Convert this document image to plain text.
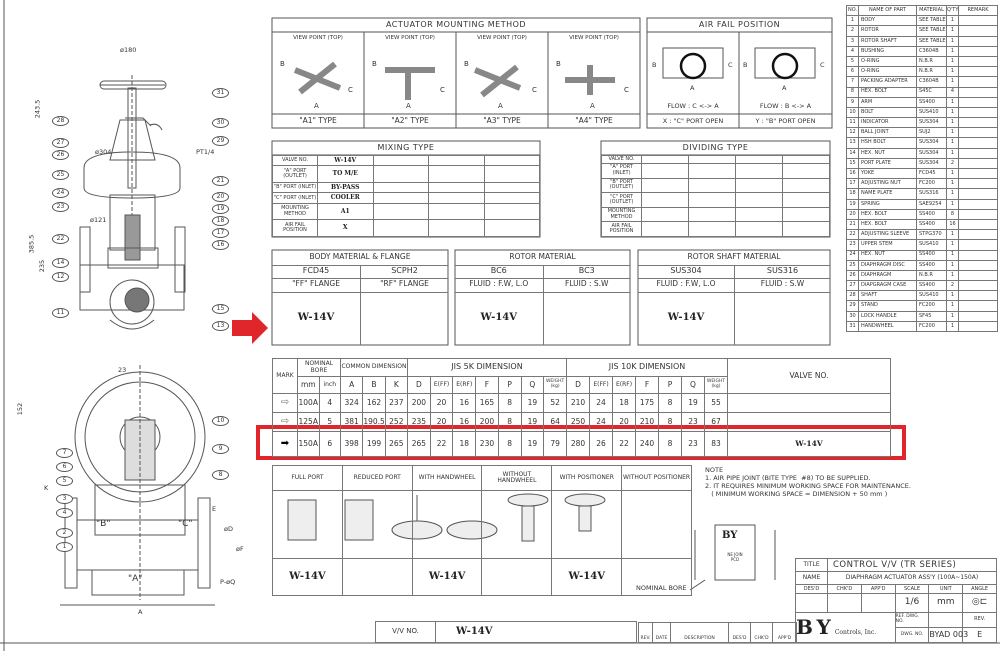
ø180
ø304
ø121
243.5
385.5
235
PT1/4
23
152
K
A
P-øQ
"B"	"C"
"A"
E
øD
øF
31
30
29
21
20
19
18
17
16
15
13
28
27
26
25
24
23
22
14
12
11
10
9
8
7
6
5
3
4
2
1
ACTUATOR MOUNTING METHOD
VIEW POINT (TOP)
"A1" TYPE
B
C
A
VIEW POINT (TOP)
"A2" TYPE
B
C
A
VIEW POINT (TOP)
"A3" TYPE
B
C
A
VIEW POINT (TOP)
"A4" TYPE
B
C
A
AIR FAIL POSITION
B	C
A
B	C
A
FLOW : C <-> A	FLOW : B <-> A
X : "C" PORT OPEN	Y : "B" PORT OPEN
NO.	NAME OF PART	MATERIAL	Q'TY	REMARK
1	BODY	SEE TABLE	1	
2	ROTOR	SEE TABLE	1	
3	ROTOR SHAFT	SEE TABLE	1	
4	BUSHING	C3604B	1	
5	O-RING	N.B.R	1	
6	O-RING	N.B.R	1	
7	PACKING ADAPTER	C3604B	1	
8	HEX. BOLT	S45C	4	
9	ARM	SS400	1	
10	BOLT	SUS410	1	
11	INDICATOR	SUS304	1	
12	BALL JOINT	SUJ2	1	
13	HSH BOLT	SUS304	1	
14	HEX. NUT	SUS304	1	
15	PORT PLATE	SUS304	2	
16	YOKE	FCD45	1	
17	ADJUSTING NUT	FC200	1	
18	NAME PLATE	SUS316	1	
19	SPRING	SAE9254	1	
20	HEX. BOLT	SS400	8	
21	HEX. BOLT	SS400	16	
22	ADJUSTING SLEEVE	STPG370	1	
23	UPPER STEM	SUS410	1	
24	HEX. NUT	SS400	1	
25	DIAPHRAGM DISC	SS400	1	
26	DIAPHRAGM	N.B.R	1	
27	DIAPGRAGM CASE	SS400	2	
28	SHAFT	SUS410	1	
29	STAND	FC200	1	
30	LOCK HANDLE	SF45	1	
31	HANDWHEEL	FC200	1	
MIXING TYPE
VALVE NO.	W-14V			
"A" PORT (OUTLET)	TO M/E			
"B" PORT (INLET)	BY-PASS			
"C" PORT (INLET)	COOLER			
MOUNTING METHOD	A1			
AIR FAIL POSITION	X			
DIVIDING TYPE
VALVE NO.				
"A" PORT (INLET)				
"B" PORT (OUTLET)				
"C" PORT (OUTLET)				
MOUNTING METHOD				
AIR FAIL POSITION				
BODY MATERIAL & FLANGE
FCD45
"FF" FLANGE
SCPH2
"RF" FLANGE
W-14V
ROTOR MATERIAL
BC6
FLUID : F.W, L.O
BC3
FLUID : S.W
W-14V
ROTOR SHAFT MATERIAL
SUS304
FLUID : F.W, L.O
SUS316
FLUID : S.W
W-14V
MARK	NOMINAL BORE		COMMON DIMENSION			JIS 5K DIMENSION							JIS 10K DIMENSION							VALVE NO.
	mm	inch	A	B	K	D	E(FF)	E(RF)	F	P	Q	WEIGHT (kg)	D	E(FF)	E(RF)	F	P	Q	WEIGHT (kg)	
⇨	100A	4	324	162	237	200	20	16	165	8	19	52	210	24	18	175	8	19	55	
⇨	125A	5	381	190.5	252	235	20	16	200	8	19	64	250	24	20	210	8	23	67	
➡	150A	6	398	199	265	265	22	18	230	8	19	79	280	26	22	240	8	23	83	W-14V
FULL PORT	REDUCED PORT	WITH HANDWHEEL	WITHOUT HANDWHEEL	WITH POSITIONER	WITHOUT POSITIONER

W-14V		W-14V		W-14V	
V/V NO.	W-14V
NOTE
1. AIR PIPE JOINT (BITE TYPE  #8) TO BE SUPPLIED.
2. IT REQUIRES MINIMUM WORKING SPACE FOR MAINTENANCE.
( MINIMUM WORKING SPACE = DIMENSION + 50 mm )
BY
NE JOIN PCD
NOMINAL BORE
REV.	DATE	DESCRIPTION	DES'D	CHK'D	APP'D
TITLE	CONTROL V/V (TR SERIES)				
NAME	DIAPHRAGM ACTUATOR ASS'Y (100A~150A)				
DES'D	CHK'D	APP'D	SCALE	UNIT	ANGLE
			1/6	mm	◎⊏
BYControls, Inc.			REF. DWG. NO.		REV.
			DWG. NO.	BYAD 003	E
